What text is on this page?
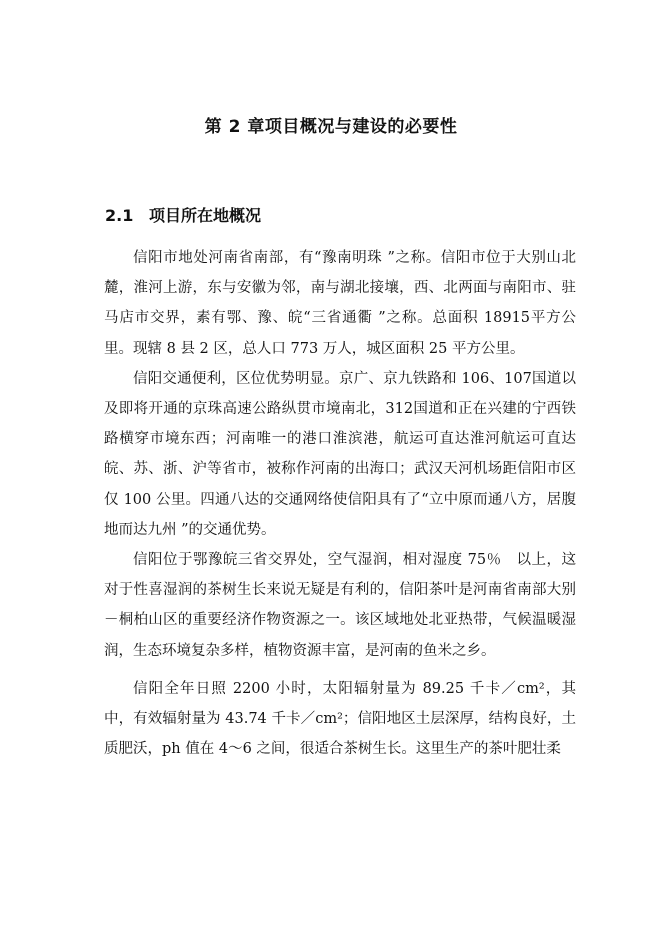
第 2 章项目概况与建设的必要性
2.1 项目所在地概况

信阳市地处河南省南部，有“豫南明珠 ”之称。信阳市位于大别山北麓，淮河上游，东与安徽为邻，南与湖北接壤，西、北两面与南阳市、驻马店市交界，素有鄂、豫、皖“三省通衢 ”之称。总面积 18915平方公里。现辖 8 县 2 区，总人口 773 万人，城区面积 25 平方公里。

信阳交通便利，区位优势明显。京广、京九铁路和 106、107国道以及即将开通的京珠高速公路纵贯市境南北，312国道和正在兴建的宁西铁路横穿市境东西；河南唯一的港口淮滨港，航运可直达淮河航运可直达皖、苏、浙、沪等省市，被称作河南的出海口；武汉天河机场距信阳市区仅 100 公里。四通八达的交通网络使信阳具有了“立中原而通八方，居腹地而达九州 ”的交通优势。

信阳位于鄂豫皖三省交界处，空气湿润，相对湿度 75％　以上，这对于性喜湿润的茶树生长来说无疑是有利的，信阳茶叶是河南省南部大别－桐柏山区的重要经济作物资源之一。该区域地处北亚热带，气候温暖湿润，生态环境复杂多样，植物资源丰富，是河南的鱼米之乡。

信阳全年日照 2200 小时，太阳辐射量为 89.25 千卡／cm²，其中，有效辐射量为 43.74 千卡／cm²；信阳地区土层深厚，结构良好，土质肥沃，ph 值在 4～6 之间，很适合茶树生长。这里生产的茶叶肥壮柔
